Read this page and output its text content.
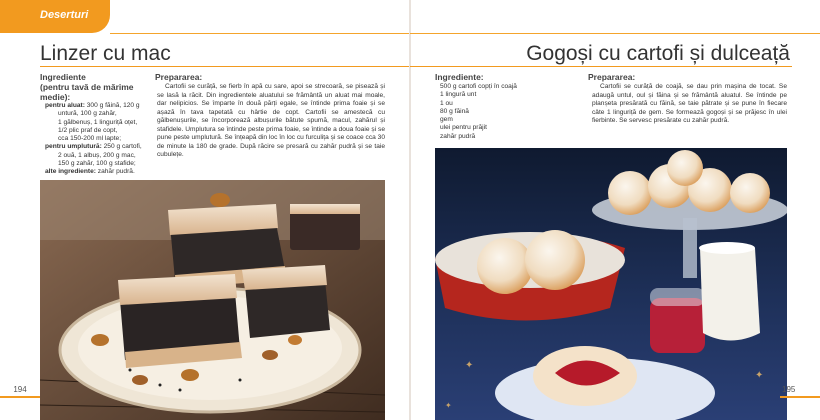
Deserturi
Linzer cu mac
Ingrediente
(pentru tavă de mărime medie):
pentru aluat: 300 g făină, 120 g
untură, 100 g zahăr,
1 gălbenuș, 1 linguriță oțet,
1/2 plic praf de copt,
cca 150-200 ml lapte;
pentru umplutură: 250 g cartofi,
2 ouă, 1 albuș, 200 g mac,
150 g zahăr, 100 g stafide;
alte ingrediente: zahăr pudră.
Prepararea:
Cartofii se curăță, se fierb în apă cu sare, apoi se strecoară, se pisează și se lasă la răcit. Din ingredientele aluatului se frământă un aluat mai moale, dar nelipicios. Se împarte în două părți egale, se întinde prima foaie și se așază în tava tapetată cu hârtie de copt. Cartofii se amestecă cu gălbenușurile, se încorporează albușurile bătute spumă, macul, zahărul și stafidele. Umplutura se întinde peste prima foaie, se întinde a doua foaie și se pune peste umplutură. Se înțeapă din loc în loc cu furculița și se coace cca 30 de minute la 180 de grade. După răcire se presară cu zahăr pudră și se taie cubulețe.
194
Gogoși cu cartofi și dulceață
Ingrediente:
500 g cartofi copți în coajă
1 lingură unt
1 ou
80 g făină
gem
ulei pentru prăjit
zahăr pudră
Prepararea:
Cartofii se curăță de coajă, se dau prin mașina de tocat. Se adaugă untul, oul și făina și se frământă aluatul. Se întinde pe planșeta presărată cu făină, se taie pătrate și se pune în fiecare câte 1 linguriță de gem. Se formează gogoși și se prăjesc în ulei fierbinte. Se servesc presărate cu zahăr pudră.
✦
✦
✦
195
